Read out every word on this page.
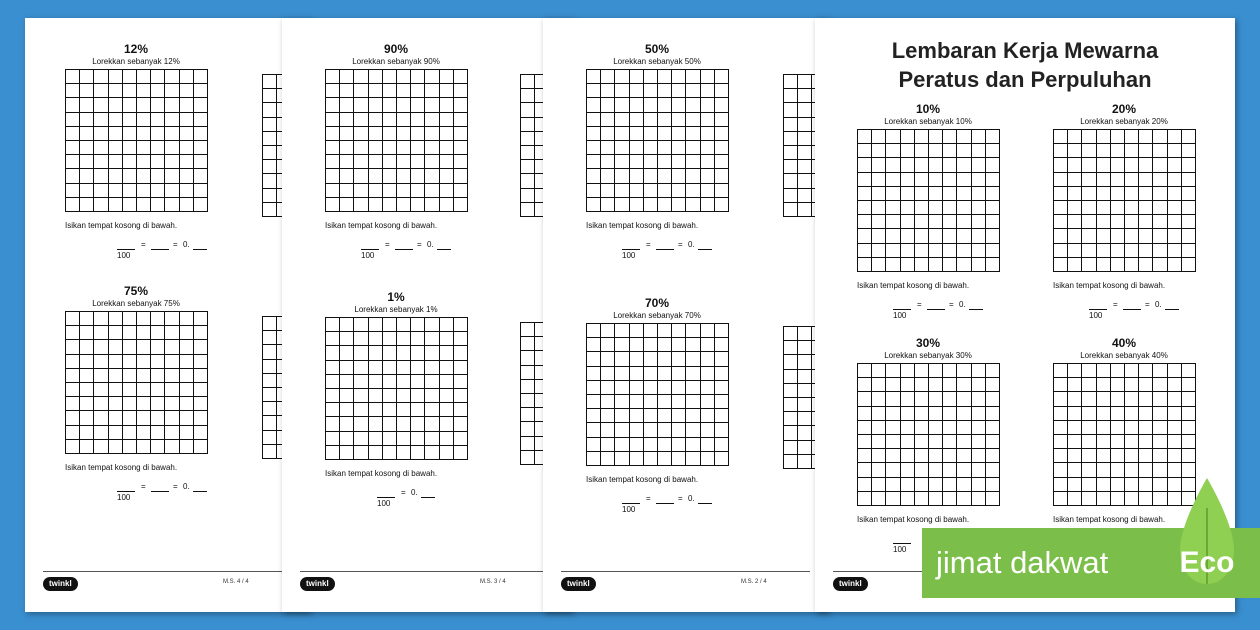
12%

Lorekkan sebanyak 12%

Isikan tempat kosong di bawah.
=	= 0.
100

75%

Lorekkan sebanyak 75%

Isikan tempat kosong di bawah.
=	= 0.
100
twinkl	M.S. 4 / 4

90%

Lorekkan sebanyak 90%

Isikan tempat kosong di bawah.
=	= 0.
100

1%

Lorekkan sebanyak 1%

Isikan tempat kosong di bawah.
= 0.
100
twinkl	M.S. 3 / 4

50%

Lorekkan sebanyak 50%

Isikan tempat kosong di bawah.
=	= 0.
100

70%

Lorekkan sebanyak 70%

Isikan tempat kosong di bawah.
=	= 0.
100
twinkl	M.S. 2 / 4
Lembaran Kerja Mewarna
Peratus dan Perpuluhan

10%

Lorekkan sebanyak 10%

Isikan tempat kosong di bawah.
=	= 0.
100

20%

Lorekkan sebanyak 20%

Isikan tempat kosong di bawah.
=	= 0.
100

30%

Lorekkan sebanyak 30%

Isikan tempat kosong di bawah.
100

40%

Lorekkan sebanyak 40%

Isikan tempat kosong di bawah.
twinkl
jimat dakwat Eco
